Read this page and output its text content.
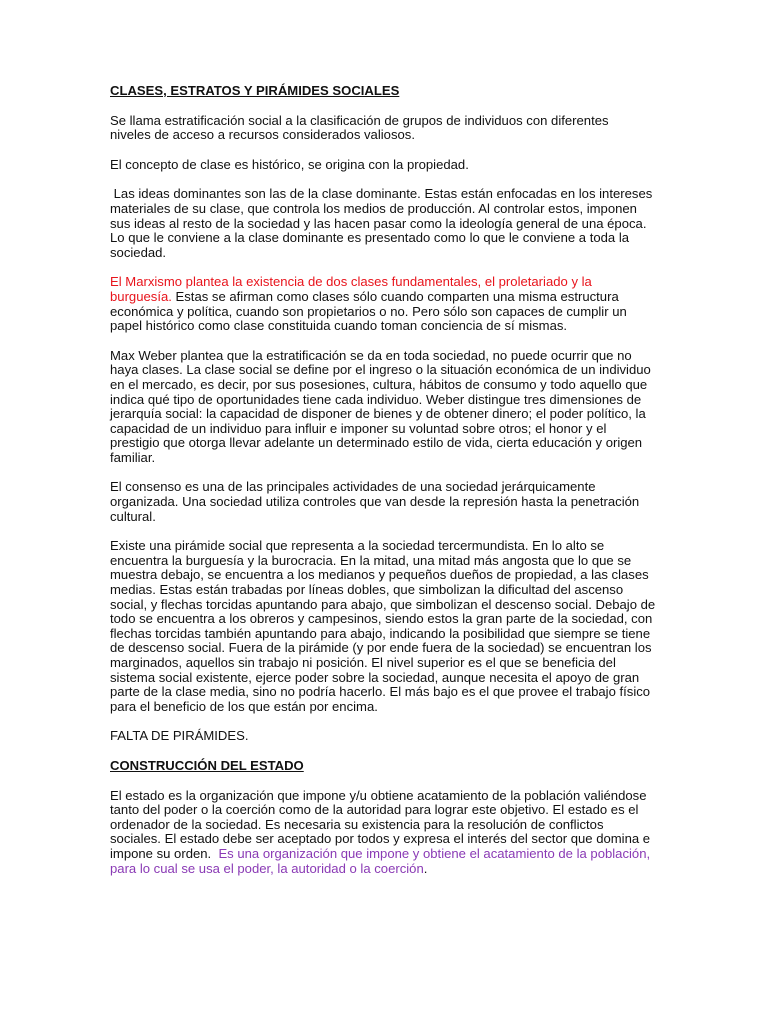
CLASES, ESTRATOS Y PIRÁMIDES SOCIALES

Se llama estratificación social a la clasificación de grupos de individuos con diferentes niveles de acceso a recursos considerados valiosos.

El concepto de clase es histórico, se origina con la propiedad.

Las ideas dominantes son las de la clase dominante. Estas están enfocadas en los intereses materiales de su clase, que controla los medios de producción. Al controlar estos, imponen sus ideas al resto de la sociedad y las hacen pasar como la ideología general de una época. Lo que le conviene a la clase dominante es presentado como lo que le conviene a toda la sociedad.

El Marxismo plantea la existencia de dos clases fundamentales, el proletariado y la burguesía. Estas se afirman como clases sólo cuando comparten una misma estructura económica y política, cuando son propietarios o no. Pero sólo son capaces de cumplir un papel histórico como clase constituida cuando toman conciencia de sí mismas.

Max Weber plantea que la estratificación se da en toda sociedad, no puede ocurrir que no haya clases. La clase social se define por el ingreso o la situación económica de un individuo en el mercado, es decir, por sus posesiones, cultura, hábitos de consumo y todo aquello que indica qué tipo de oportunidades tiene cada individuo. Weber distingue tres dimensiones de jerarquía social: la capacidad de disponer de bienes y de obtener dinero; el poder político, la capacidad de un individuo para influir e imponer su voluntad sobre otros; el honor y el prestigio que otorga llevar adelante un determinado estilo de vida, cierta educación y origen familiar.

El consenso es una de las principales actividades de una sociedad jerárquicamente organizada. Una sociedad utiliza controles que van desde la represión hasta la penetración cultural.

Existe una pirámide social que representa a la sociedad tercermundista. En lo alto se encuentra la burguesía y la burocracia. En la mitad, una mitad más angosta que lo que se muestra debajo, se encuentra a los medianos y pequeños dueños de propiedad, a las clases medias. Estas están trabadas por líneas dobles, que simbolizan la dificultad del ascenso social, y flechas torcidas apuntando para abajo, que simbolizan el descenso social. Debajo de todo se encuentra a los obreros y campesinos, siendo estos la gran parte de la sociedad, con flechas torcidas también apuntando para abajo, indicando la posibilidad que siempre se tiene de descenso social. Fuera de la pirámide (y por ende fuera de la sociedad) se encuentran los marginados, aquellos sin trabajo ni posición. El nivel superior es el que se beneficia del sistema social existente, ejerce poder sobre la sociedad, aunque necesita el apoyo de gran parte de la clase media, sino no podría hacerlo. El más bajo es el que provee el trabajo físico para el beneficio de los que están por encima.

FALTA DE PIRÁMIDES.

CONSTRUCCIÓN DEL ESTADO

El estado es la organización que impone y/u obtiene acatamiento de la población valiéndose tanto del poder o la coerción como de la autoridad para lograr este objetivo. El estado es el ordenador de la sociedad. Es necesaria su existencia para la resolución de conflictos sociales. El estado debe ser aceptado por todos y expresa el interés del sector que domina e impone su orden.  Es una organización que impone y obtiene el acatamiento de la población, para lo cual se usa el poder, la autoridad o la coerción.
